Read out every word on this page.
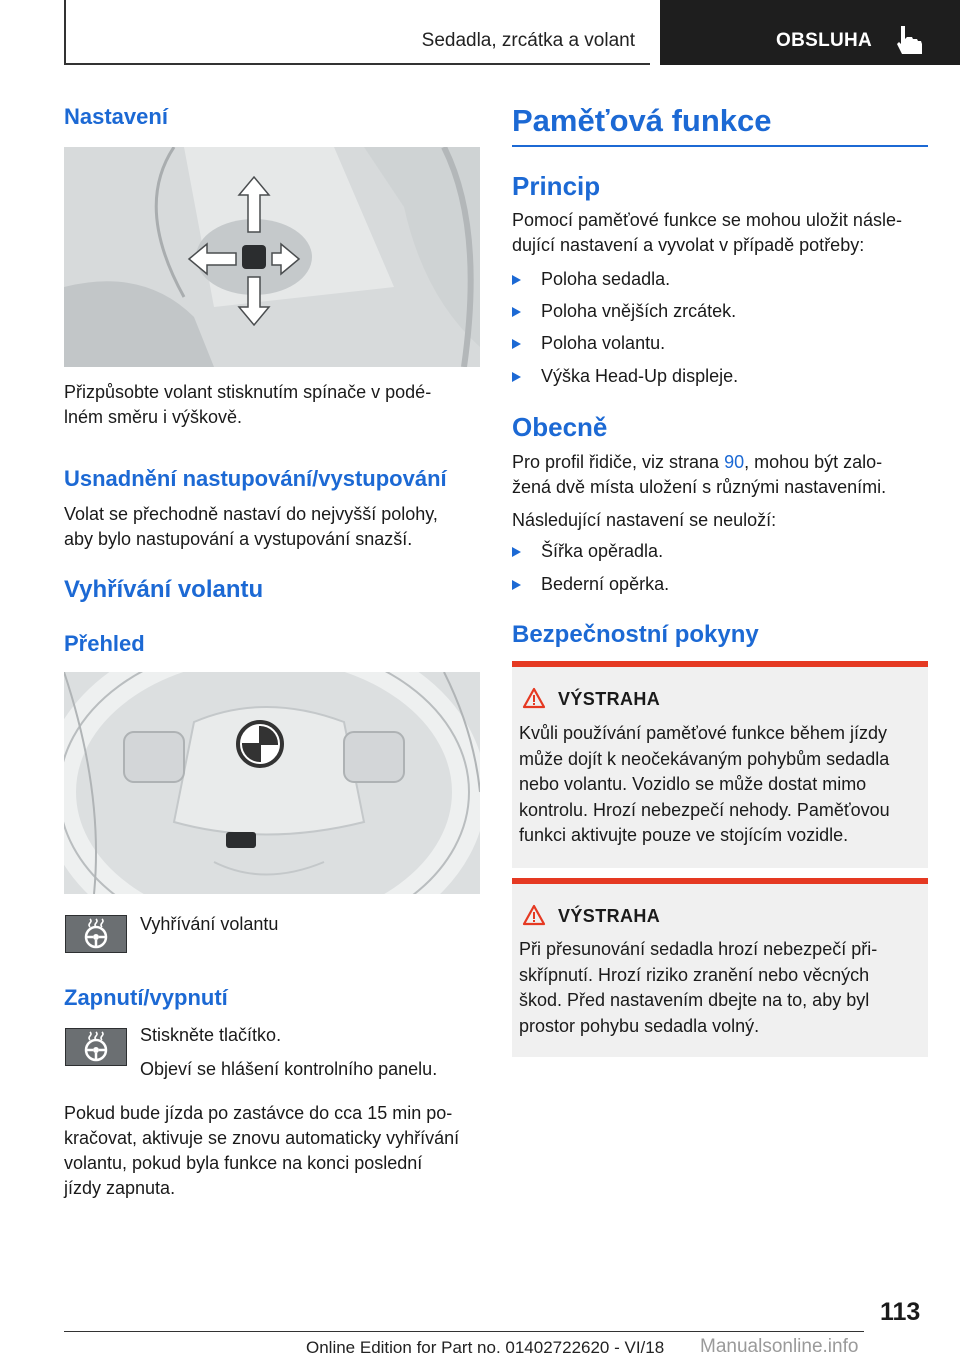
Sedadla, zrcátka a volant	OBSLUHA
Nastavení
Přizpůsobte volant stisknutím spínače v podé‐
lném směru i výškově.
Usnadnění nastupování/vystupování
Volat se přechodně nastaví do nejvyšší polohy,
aby bylo nastupování a vystupování snazší.
Vyhřívání volantu
Přehled
Vyhřívání volantu
Zapnutí/vypnutí
Stiskněte tlačítko.
Objeví se hlášení kontrolního panelu.
Pokud bude jízda po zastávce do cca 15 min po‐
kračovat, aktivuje se znovu automaticky vyhřívání
volantu, pokud byla funkce na konci poslední
jízdy zapnuta.
Paměťová funkce
Princip
Pomocí paměťové funkce se mohou uložit násle‐
dující nastavení a vyvolat v případě potřeby:
Poloha sedadla.
Poloha vnějších zrcátek.
Poloha volantu.
Výška Head-Up displeje.
Obecně
Pro profil řidiče, viz strana 90, mohou být zalo‐
žená dvě místa uložení s různými nastaveními.
Následující nastavení se neuloží:
Šířka opěradla.
Bederní opěrka.
Bezpečnostní pokyny
VÝSTRAHA
Kvůli používání paměťové funkce během jízdy
může dojít k neočekávaným pohybům sedadla
nebo volantu. Vozidlo se může dostat mimo
kontrolu. Hrozí nebezpečí nehody. Paměťovou
funkci aktivujte pouze ve stojícím vozidle.
VÝSTRAHA
Při přesunování sedadla hrozí nebezpečí při‐
skřípnutí. Hrozí riziko zranění nebo věcných
škod. Před nastavením dbejte na to, aby byl
prostor pohybu sedadla volný.
113
Online Edition for Part no. 01402722620 - VI/18 Manualsonline.info
